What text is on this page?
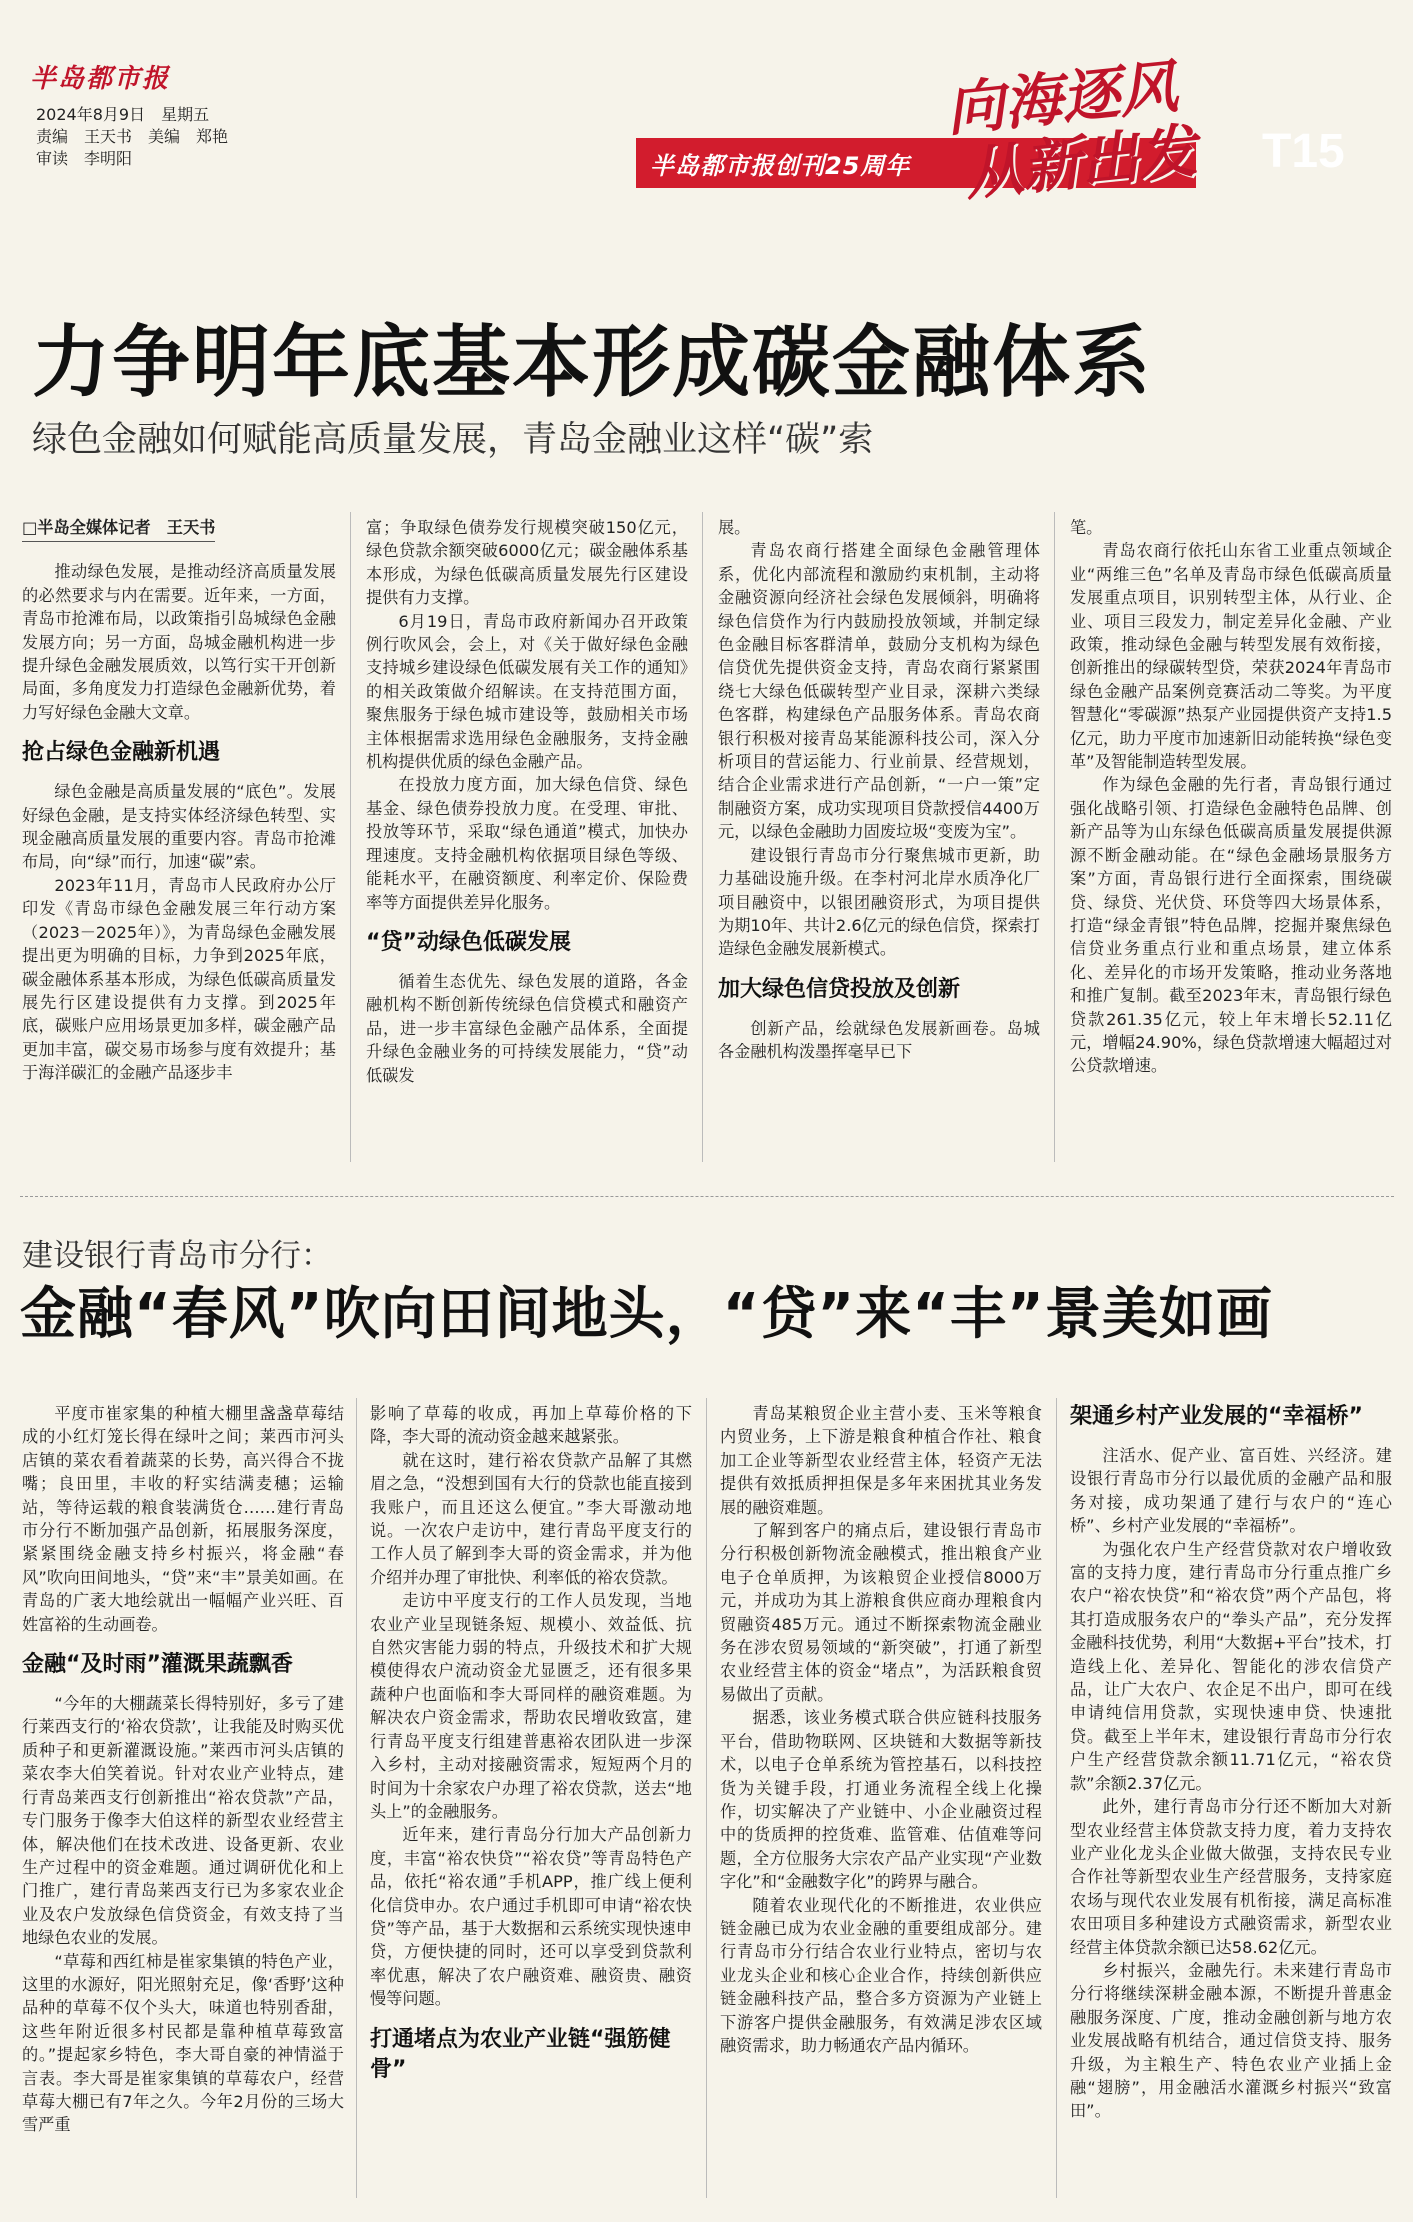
半岛都市报
2024年8月9日　星期五
责编　王天书　美编　郑艳
审读　李明阳	半岛都市报创刊25周年
向海逐风
从新出发	T15
力争明年底基本形成碳金融体系
绿色金融如何赋能高质量发展，青岛金融业这样“碳”索

□半岛全媒体记者　王天书

推动绿色发展，是推动经济高质量发展的必然要求与内在需要。近年来，一方面，青岛市抢滩布局，以政策指引岛城绿色金融发展方向；另一方面，岛城金融机构进一步提升绿色金融发展质效，以笃行实干开创新局面，多角度发力打造绿色金融新优势，着力写好绿色金融大文章。

抢占绿色金融新机遇

绿色金融是高质量发展的“底色”。发展好绿色金融，是支持实体经济绿色转型、实现金融高质量发展的重要内容。青岛市抢滩布局，向“绿”而行，加速“碳”索。

2023年11月，青岛市人民政府办公厅印发《青岛市绿色金融发展三年行动方案（2023－2025年）》，为青岛绿色金融发展提出更为明确的目标，力争到2025年底，碳金融体系基本形成，为绿色低碳高质量发展先行区建设提供有力支撑。到2025年底，碳账户应用场景更加多样，碳金融产品更加丰富，碳交易市场参与度有效提升；基于海洋碳汇的金融产品逐步丰

富；争取绿色债券发行规模突破150亿元，绿色贷款余额突破6000亿元；碳金融体系基本形成，为绿色低碳高质量发展先行区建设提供有力支撑。

6月19日，青岛市政府新闻办召开政策例行吹风会，会上，对《关于做好绿色金融支持城乡建设绿色低碳发展有关工作的通知》的相关政策做介绍解读。在支持范围方面，聚焦服务于绿色城市建设等，鼓励相关市场主体根据需求选用绿色金融服务，支持金融机构提供优质的绿色金融产品。

在投放力度方面，加大绿色信贷、绿色基金、绿色债券投放力度。在受理、审批、投放等环节，采取“绿色通道”模式，加快办理速度。支持金融机构依据项目绿色等级、能耗水平，在融资额度、利率定价、保险费率等方面提供差异化服务。

“贷”动绿色低碳发展

循着生态优先、绿色发展的道路，各金融机构不断创新传统绿色信贷模式和融资产品，进一步丰富绿色金融产品体系，全面提升绿色金融业务的可持续发展能力，“贷”动低碳发

展。

青岛农商行搭建全面绿色金融管理体系，优化内部流程和激励约束机制，主动将金融资源向经济社会绿色发展倾斜，明确将绿色信贷作为行内鼓励投放领域，并制定绿色金融目标客群清单，鼓励分支机构为绿色信贷优先提供资金支持，青岛农商行紧紧围绕七大绿色低碳转型产业目录，深耕六类绿色客群，构建绿色产品服务体系。青岛农商银行积极对接青岛某能源科技公司，深入分析项目的营运能力、行业前景、经营规划，结合企业需求进行产品创新，“一户一策”定制融资方案，成功实现项目贷款授信4400万元，以绿色金融助力固废垃圾“变废为宝”。

建设银行青岛市分行聚焦城市更新，助力基础设施升级。在李村河北岸水质净化厂项目融资中，以银团融资形式，为项目提供为期10年、共计2.6亿元的绿色信贷，探索打造绿色金融发展新模式。

加大绿色信贷投放及创新

创新产品，绘就绿色发展新画卷。岛城各金融机构泼墨挥毫早已下

笔。

青岛农商行依托山东省工业重点领域企业“两维三色”名单及青岛市绿色低碳高质量发展重点项目，识别转型主体，从行业、企业、项目三段发力，制定差异化金融、产业政策，推动绿色金融与转型发展有效衔接，创新推出的绿碳转型贷，荣获2024年青岛市绿色金融产品案例竞赛活动二等奖。为平度智慧化“零碳源”热泵产业园提供资产支持1.5亿元，助力平度市加速新旧动能转换“绿色变革”及智能制造转型发展。

作为绿色金融的先行者，青岛银行通过强化战略引领、打造绿色金融特色品牌、创新产品等为山东绿色低碳高质量发展提供源源不断金融动能。在“绿色金融场景服务方案”方面，青岛银行进行全面探索，围绕碳贷、绿贷、光伏贷、环贷等四大场景体系，打造“绿金青银”特色品牌，挖掘并聚焦绿色信贷业务重点行业和重点场景，建立体系化、差异化的市场开发策略，推动业务落地和推广复制。截至2023年末，青岛银行绿色贷款261.35亿元，较上年末增长52.11亿元，增幅24.90%，绿色贷款增速大幅超过对公贷款增速。

建设银行青岛市分行：
金融“春风”吹向田间地头，“贷”来“丰”景美如画

平度市崔家集的种植大棚里盏盏草莓结成的小红灯笼长得在绿叶之间；莱西市河头店镇的菜农看着蔬菜的长势，高兴得合不拢嘴；良田里，丰收的籽实结满麦穗；运输站，等待运载的粮食装满货仓……建行青岛市分行不断加强产品创新，拓展服务深度，紧紧围绕金融支持乡村振兴，将金融“春风”吹向田间地头，“贷”来“丰”景美如画。在青岛的广袤大地绘就出一幅幅产业兴旺、百姓富裕的生动画卷。

金融“及时雨”灌溉果蔬飘香

“今年的大棚蔬菜长得特别好，多亏了建行莱西支行的‘裕农贷款’，让我能及时购买优质种子和更新灌溉设施。”莱西市河头店镇的菜农李大伯笑着说。针对农业产业特点，建行青岛莱西支行创新推出“裕农贷款”产品，专门服务于像李大伯这样的新型农业经营主体，解决他们在技术改进、设备更新、农业生产过程中的资金难题。通过调研优化和上门推广，建行青岛莱西支行已为多家农业企业及农户发放绿色信贷资金，有效支持了当地绿色农业的发展。

“草莓和西红柿是崔家集镇的特色产业，这里的水源好，阳光照射充足，像‘香野’这种品种的草莓不仅个头大，味道也特别香甜，这些年附近很多村民都是靠种植草莓致富的。”提起家乡特色，李大哥自豪的神情溢于言表。李大哥是崔家集镇的草莓农户，经营草莓大棚已有7年之久。今年2月份的三场大雪严重

影响了草莓的收成，再加上草莓价格的下降，李大哥的流动资金越来越紧张。

就在这时，建行裕农贷款产品解了其燃眉之急，“没想到国有大行的贷款也能直接到我账户，而且还这么便宜。”李大哥激动地说。一次农户走访中，建行青岛平度支行的工作人员了解到李大哥的资金需求，并为他介绍并办理了审批快、利率低的裕农贷款。

走访中平度支行的工作人员发现，当地农业产业呈现链条短、规模小、效益低、抗自然灾害能力弱的特点，升级技术和扩大规模使得农户流动资金尤显匮乏，还有很多果蔬种户也面临和李大哥同样的融资难题。为解决农户资金需求，帮助农民增收致富，建行青岛平度支行组建普惠裕农团队进一步深入乡村，主动对接融资需求，短短两个月的时间为十余家农户办理了裕农贷款，送去“地头上”的金融服务。

近年来，建行青岛分行加大产品创新力度，丰富“裕农快贷”“裕农贷”等青岛特色产品，依托“裕农通”手机APP，推广线上便利化信贷申办。农户通过手机即可申请“裕农快贷”等产品，基于大数据和云系统实现快速申贷，方便快捷的同时，还可以享受到贷款利率优惠，解决了农户融资难、融资贵、融资慢等问题。

打通堵点为农业产业链“强筋健骨”

青岛某粮贸企业主营小麦、玉米等粮食内贸业务，上下游是粮食种植合作社、粮食加工企业等新型农业经营主体，轻资产无法提供有效抵质押担保是多年来困扰其业务发展的融资难题。

了解到客户的痛点后，建设银行青岛市分行积极创新物流金融模式，推出粮食产业电子仓单质押，为该粮贸企业授信8000万元，并成功为其上游粮食供应商办理粮食内贸融资485万元。通过不断探索物流金融业务在涉农贸易领域的“新突破”，打通了新型农业经营主体的资金“堵点”，为活跃粮食贸易做出了贡献。

据悉，该业务模式联合供应链科技服务平台，借助物联网、区块链和大数据等新技术，以电子仓单系统为管控基石，以科技控货为关键手段，打通业务流程全线上化操作，切实解决了产业链中、小企业融资过程中的货质押的控货难、监管难、估值难等问题，全方位服务大宗农产品产业实现“产业数字化”和“金融数字化”的跨界与融合。

随着农业现代化的不断推进，农业供应链金融已成为农业金融的重要组成部分。建行青岛市分行结合农业行业特点，密切与农业龙头企业和核心企业合作，持续创新供应链金融科技产品，整合多方资源为产业链上下游客户提供金融服务，有效满足涉农区域融资需求，助力畅通农产品内循环。

架通乡村产业发展的“幸福桥”

注活水、促产业、富百姓、兴经济。建设银行青岛市分行以最优质的金融产品和服务对接，成功架通了建行与农户的“连心桥”、乡村产业发展的“幸福桥”。

为强化农户生产经营贷款对农户增收致富的支持力度，建行青岛市分行重点推广乡农户“裕农快贷”和“裕农贷”两个产品包，将其打造成服务农户的“拳头产品”，充分发挥金融科技优势，利用“大数据+平台”技术，打造线上化、差异化、智能化的涉农信贷产品，让广大农户、农企足不出户，即可在线申请纯信用贷款，实现快速申贷、快速批贷。截至上半年末，建设银行青岛市分行农户生产经营贷款余额11.71亿元，“裕农贷款”余额2.37亿元。

此外，建行青岛市分行还不断加大对新型农业经营主体贷款支持力度，着力支持农业产业化龙头企业做大做强，支持农民专业合作社等新型农业生产经营服务，支持家庭农场与现代农业发展有机衔接，满足高标准农田项目多种建设方式融资需求，新型农业经营主体贷款余额已达58.62亿元。

乡村振兴，金融先行。未来建行青岛市分行将继续深耕金融本源，不断提升普惠金融服务深度、广度，推动金融创新与地方农业发展战略有机结合，通过信贷支持、服务升级，为主粮生产、特色农业产业插上金融“翅膀”，用金融活水灌溉乡村振兴“致富田”。
